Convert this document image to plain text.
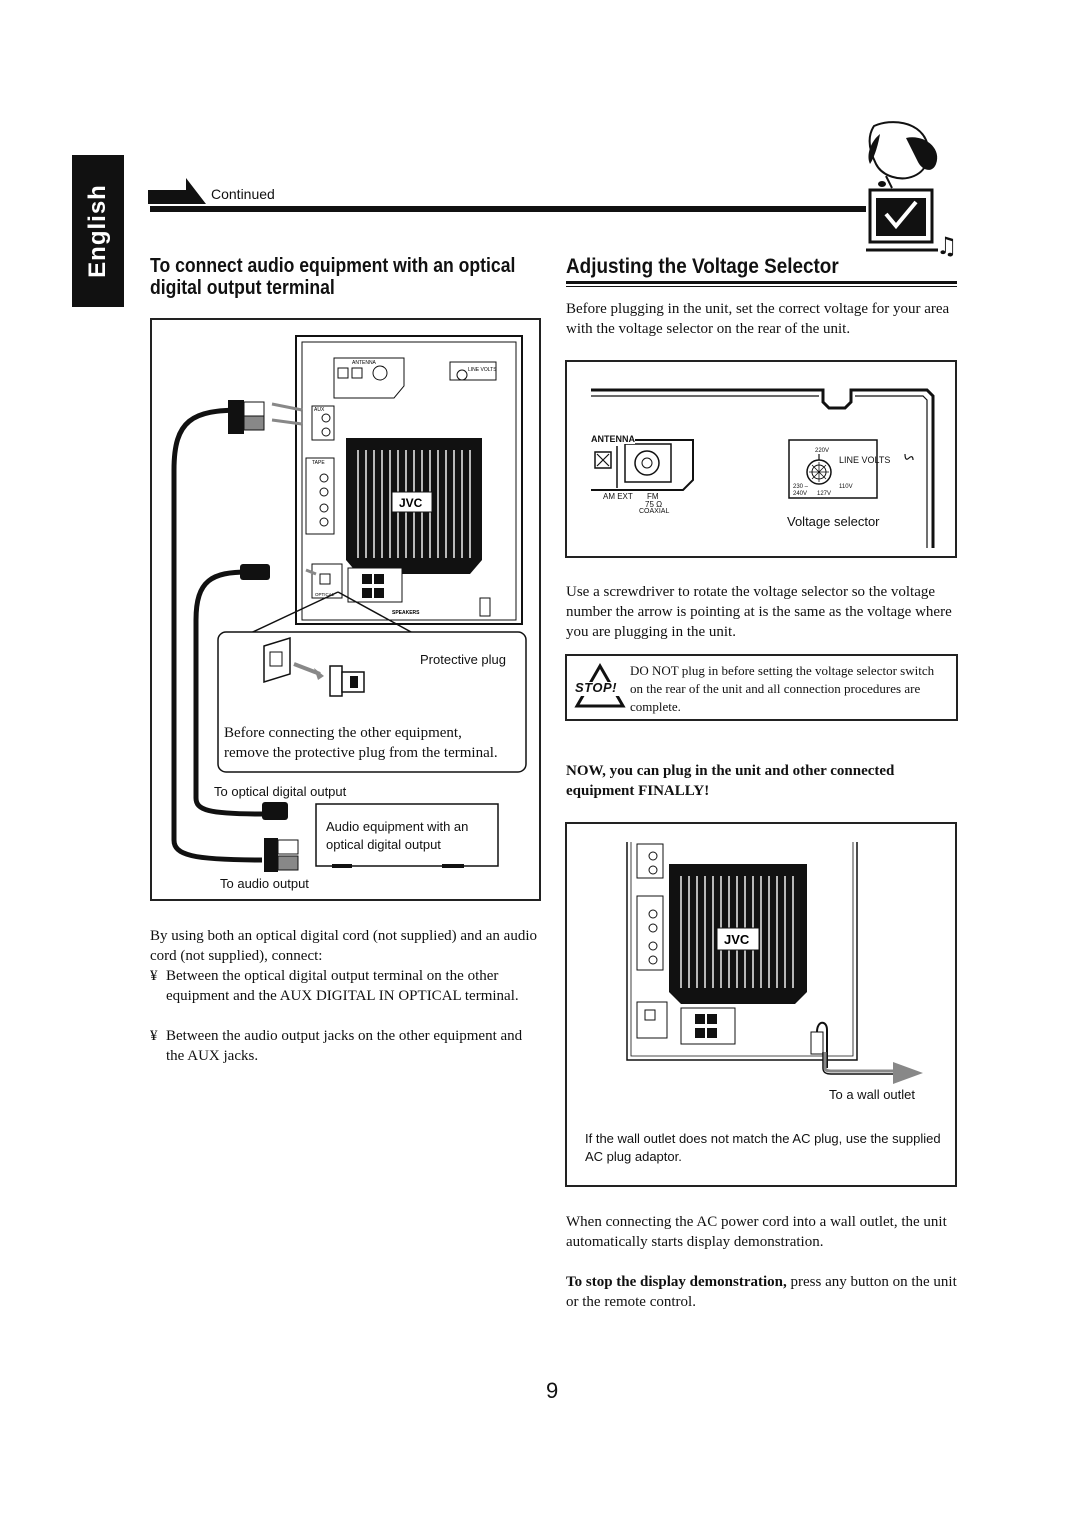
English	Continued
♫
To connect audio equipment with an optical digital output terminal
ANTENNA
LINE VOLTS
AUX
JVC
TAPE
OPTICAL
SPEAKERS
Protective plug
Before connecting the other equipment,
remove the protective plug from the terminal.
To optical digital output
Audio equipment with an
optical digital output
To audio output
By using both an optical digital cord (not supplied) and an audio cord (not supplied), connect:
¥ Between the optical digital output terminal on the other equipment and the AUX DIGITAL IN OPTICAL terminal.
¥ Between the audio output jacks on the other equipment and the AUX jacks.
Adjusting the Voltage Selector
Before plugging in the unit, set the correct voltage for your area with the voltage selector on the rear of the unit.
ANTENNA
AM EXT FM
75 Ω
COAXIAL
220V
LINE VOLTS
230 –
240V
110V
127V
Voltage selector
Use a screwdriver to rotate the voltage selector so the voltage number the arrow is pointing at is the same as the voltage where you are plugging in the unit.
STOP!
DO NOT plug in before setting the voltage selector switch on the rear of the unit and all connection procedures are complete.
NOW, you can plug in the unit and other connected equipment FINALLY!
JVC
To a wall outlet
If the wall outlet does not match the AC plug, use the supplied AC plug adaptor.
When connecting the AC power cord into a wall outlet, the unit automatically starts display demonstration.
To stop the display demonstration, press any button on the unit or the remote control.
9
